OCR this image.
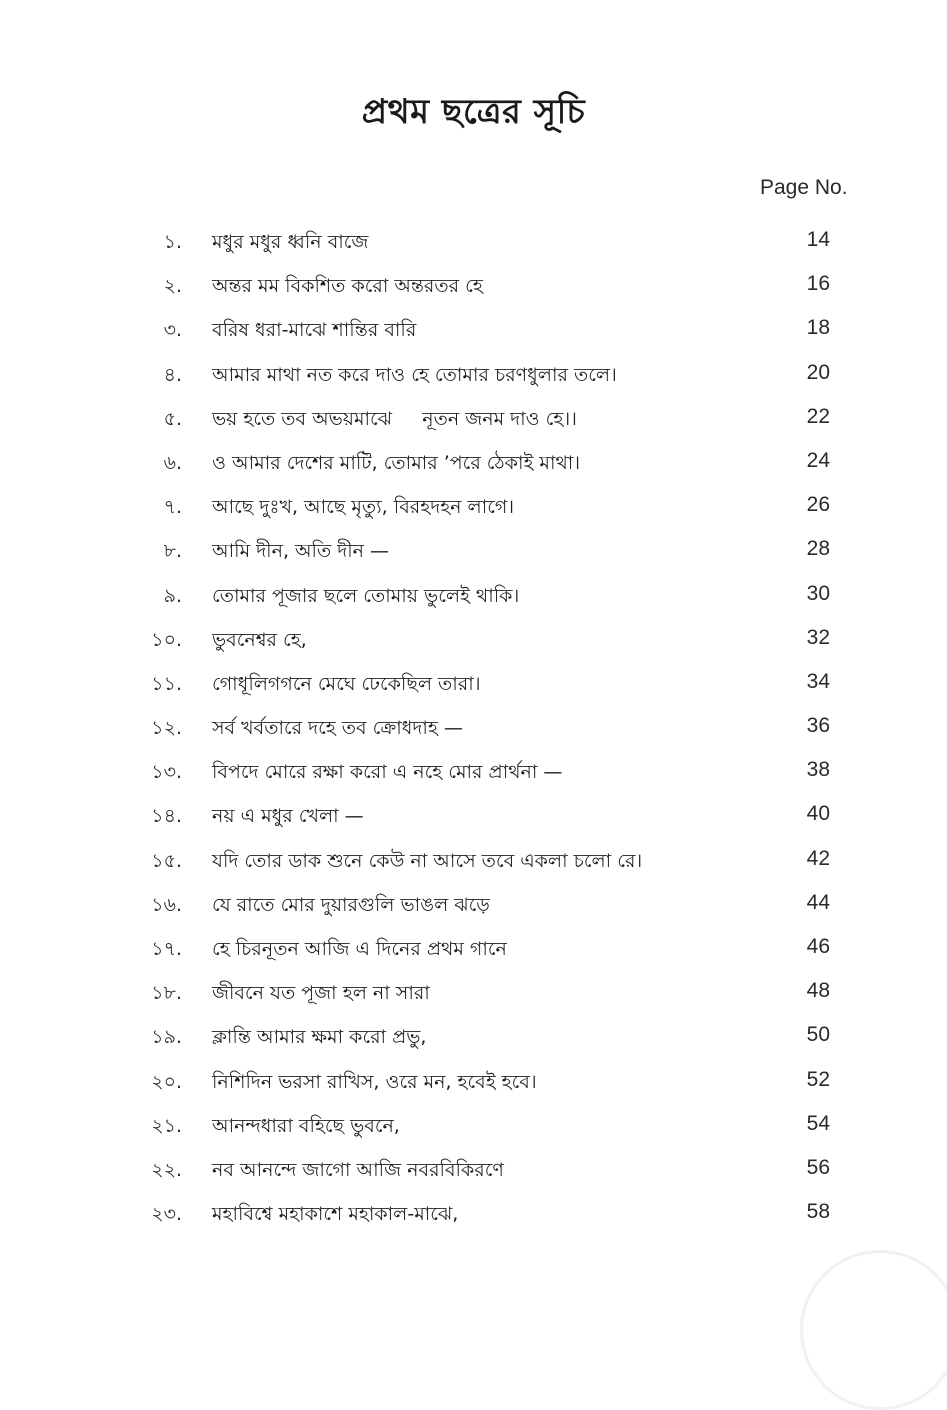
প্রথম ছত্রের সূচি
Page No.
১. মধুর মধুর ধ্বনি বাজে	14
২. অন্তর মম বিকশিত করো অন্তরতর হে	16
৩. বরিষ ধরা-মাঝে শান্তির বারি	18
৪. আমার মাথা নত করে দাও হে তোমার চরণধুলার তলে।	20
৫. ভয় হতে তব অভয়মাঝে     নূতন জনম দাও হে।।	22
৬. ও আমার দেশের মাটি, তোমার ’পরে ঠেকাই মাথা।	24
৭. আছে দুঃখ, আছে মৃত্যু, বিরহদহন লাগে।	26
৮. আমি দীন, অতি দীন —	28
৯. তোমার পূজার ছলে তোমায় ভুলেই থাকি।	30
১০. ভুবনেশ্বর হে,	32
১১. গোধূলিগগনে মেঘে ঢেকেছিল তারা।	34
১২. সর্ব খর্বতারে দহে তব ক্রোধদাহ —	36
১৩. বিপদে মোরে রক্ষা করো এ নহে মোর প্রার্থনা —	38
১৪. নয় এ মধুর খেলা —	40
১৫. যদি তোর ডাক শুনে কেউ না আসে তবে একলা চলো রে।	42
১৬. যে রাতে মোর দুয়ারগুলি ভাঙল ঝড়ে	44
১৭. হে চিরনূতন আজি এ দিনের প্রথম গানে	46
১৮. জীবনে যত পূজা হল না সারা	48
১৯. ক্লান্তি আমার ক্ষমা করো প্রভু,	50
২০. নিশিদিন ভরসা রাখিস, ওরে মন, হবেই হবে।	52
২১. আনন্দধারা বহিছে ভুবনে,	54
২২. নব আনন্দে জাগো আজি নবরবিকিরণে	56
২৩. মহাবিশ্বে মহাকাশে মহাকাল-মাঝে,	58
